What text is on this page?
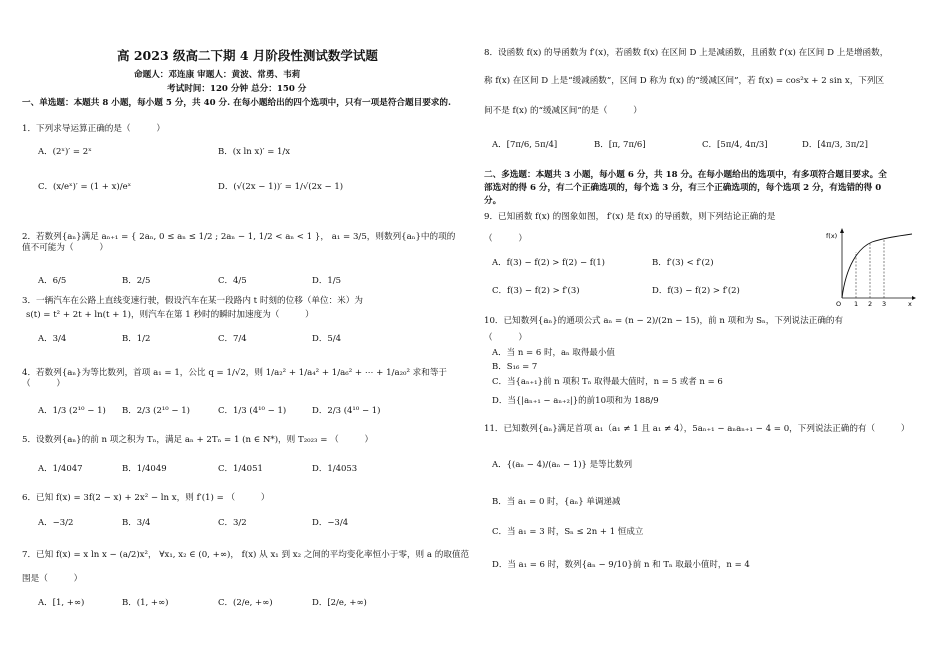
高 2023 级高二下期 4 月阶段性测试数学试题
命题人：邓连康 审题人：黄波、常勇、韦莉
考试时间：120 分钟 总分：150 分
一、单选题：本题共 8 小题，每小题 5 分，共 40 分. 在每小题给出的四个选项中，只有一项是符合题目要求的.
1．下列求导运算正确的是（　　　）
A．(2ˣ)′ = 2ˣ	B．(x ln x)′ = 1/x
C．(x/eˣ)′ = (1 + x)/eˣ	D．(√(2x − 1))′ = 1/√(2x − 1)
2．若数列{aₙ}满足 aₙ₊₁ = { 2aₙ, 0 ≤ aₙ ≤ 1/2 ; 2aₙ − 1, 1/2 < aₙ < 1 }， a₁ = 3/5，则数列{aₙ}中的项的值不可能为（　　　）
A．6/5	B．2/5	C．4/5	D．1/5
3．一辆汽车在公路上直线变速行驶，假设汽车在某一段路内 t 时刻的位移（单位：米）为
s(t) = t² + 2t + ln(t + 1)，则汽车在第 1 秒时的瞬时加速度为（　　　）
A．3/4	B．1/2	C．7/4	D．5/4
4．若数列{aₙ}为等比数列，首项 a₁ = 1，公比 q = 1/√2，则 1/a₂² + 1/a₄² + 1/a₆² + ⋯ + 1/a₂₀² 求和等于（　　　）
A．1/3 (2¹⁰ − 1) B．2/3 (2¹⁰ − 1)	C．1/3 (4¹⁰ − 1)	D．2/3 (4¹⁰ − 1)
5．设数列{aₙ}的前 n 项之积为 Tₙ，满足 aₙ + 2Tₙ = 1 (n ∈ N*)，则 T₂₀₂₃ = （　　　）
A．1/4047	B．1/4049	C．1/4051	D．1/4053
6．已知 f(x) = 3f(2 − x) + 2x² − ln x，则 f′(1) = （　　　）
A．−3/2	B．3/4	C．3/2	D．−3/4
7．已知 f(x) = x ln x − (a/2)x²， ∀x₁, x₂ ∈ (0, +∞)， f(x) 从 x₁ 到 x₂ 之间的平均变化率恒小于零，则 a 的取值范
围是（　　　）
A．[1, +∞)	B．(1, +∞)	C．(2/e, +∞)	D．[2/e, +∞)
8．设函数 f(x) 的导函数为 f′(x)，若函数 f(x) 在区间 D 上是减函数，且函数 f′(x) 在区间 D 上是增函数，
称 f(x) 在区间 D 上是“缓减函数”，区间 D 称为 f(x) 的“缓减区间”，若 f(x) = cos²x + 2 sin x，下列区
间不是 f(x) 的“缓减区间”的是（　　　）
A．[7π/6, 5π/4]	B．[π, 7π/6]	C．[5π/4, 4π/3]	D．[4π/3, 3π/2]
二、多选题：本题共 3 小题，每小题 6 分，共 18 分。在每小题给出的选项中，有多项符合题目要求。全
部选对的得 6 分，有二个正确选项的，每个选 3 分，有三个正确选项的，每个选项 2 分，有选错的得 0
分。
9．已知函数 f(x) 的图象如图， f′(x) 是 f(x) 的导函数，则下列结论正确的是
（　　　）
A．f(3) − f(2) > f(2) − f(1)	B．f′(3) < f′(2)
C．f(3) − f(2) > f′(3)	D．f(3) − f(2) > f′(2)
f(x)
O 1 2 3	x
10．已知数列{aₙ}的通项公式 aₙ = (n − 2)/(2n − 15)，前 n 项和为 Sₙ，下列说法正确的有
（　　　）
A．当 n = 6 时，aₙ 取得最小值
B．S₁₆ = 7
C．当{aₙ₊₁}前 n 项积 Tₙ 取得最大值时，n = 5 或者 n = 6
D．当{|aₙ₊₁ − aₙ₊₂|}的前10项和为 188/9
11．已知数列{aₙ}满足首项 a₁（a₁ ≠ 1 且 a₁ ≠ 4），5aₙ₊₁ − aₙaₙ₊₁ − 4 = 0，下列说法正确的有（　　　）
A．{(aₙ − 4)/(aₙ − 1)} 是等比数列
B．当 a₁ = 0 时，{aₙ} 单调递减
C．当 a₁ = 3 时，Sₙ ≤ 2n + 1 恒成立
D．当 a₁ = 6 时，数列{aₙ − 9/10}前 n 和 Tₙ 取最小值时，n = 4
